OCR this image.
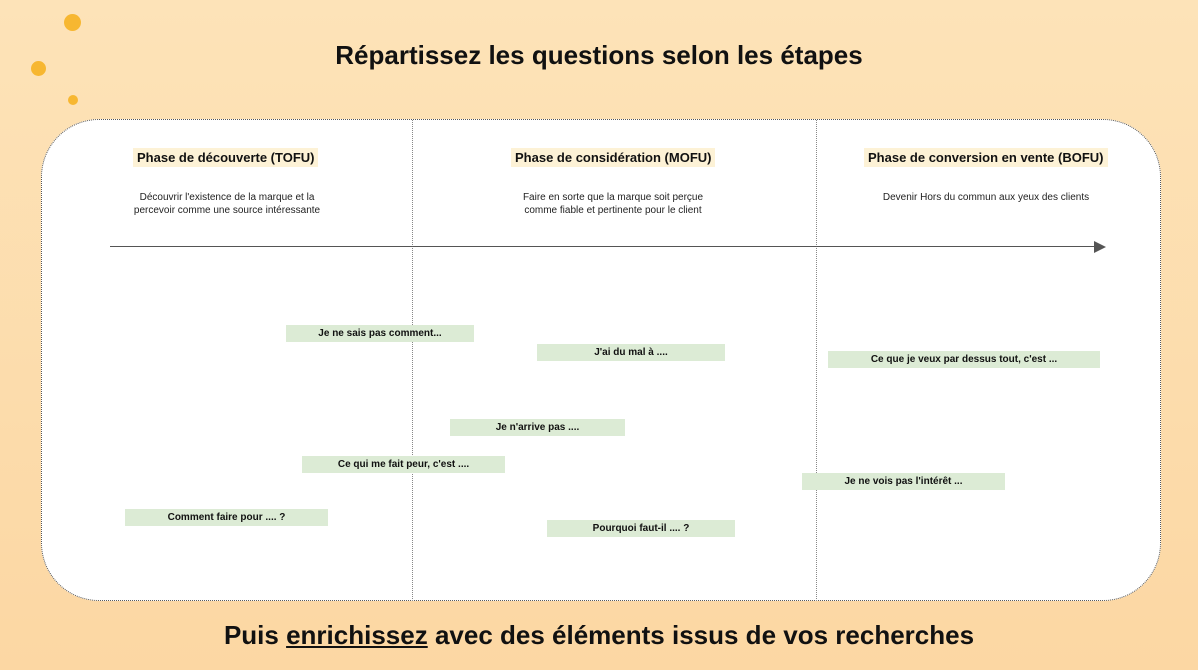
Répartissez les questions selon les étapes
Phase de découverte (TOFU)
Découvrir l'existence de la marque et la
percevoir comme une source intéressante
Phase de considération (MOFU)
Faire en sorte que la marque soit perçue
comme fiable et pertinente pour le client
Phase de conversion en vente (BOFU)
Devenir Hors du commun aux yeux des clients
Je ne sais pas comment...
J'ai du mal à ....
Ce que je veux par dessus tout, c'est ...
Je n'arrive pas ....
Ce qui me fait peur, c'est ....
Je ne vois pas l'intérêt ...
Comment faire pour .... ?
Pourquoi faut-il .... ?
Puis enrichissez avec des éléments issus de vos recherches
